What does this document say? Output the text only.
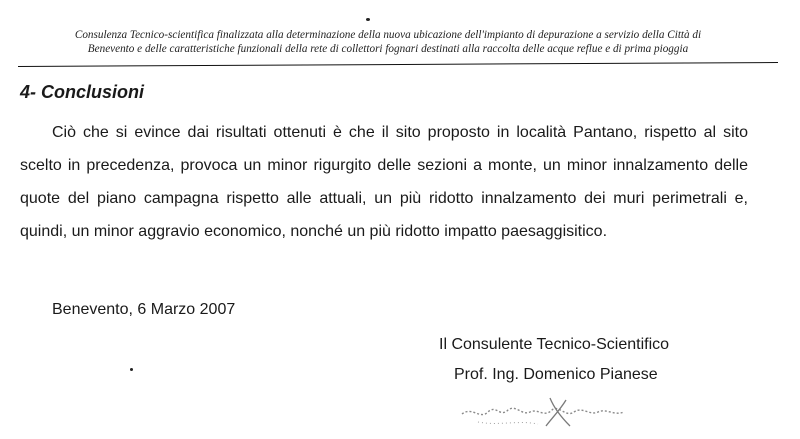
Consulenza Tecnico-scientifica finalizzata alla determinazione della nuova ubicazione dell'impianto di depurazione a servizio della Città di
Benevento e delle caratteristiche funzionali della rete di collettori fognari destinati alla raccolta delle acque reflue e di prima pioggia
4- Conclusioni

Ciò che si evince dai risultati ottenuti è che il sito proposto in località Pantano, rispetto al sito scelto in precedenza, provoca un minor rigurgito delle sezioni a monte, un minor innalzamento delle quote del piano campagna rispetto alle attuali, un più ridotto innalzamento dei muri perimetrali e, quindi, un minor aggravio economico, nonché un più ridotto impatto paesaggisitico.

Benevento, 6 Marzo 2007
Il Consulente Tecnico-Scientifico
Prof. Ing. Domenico Pianese
